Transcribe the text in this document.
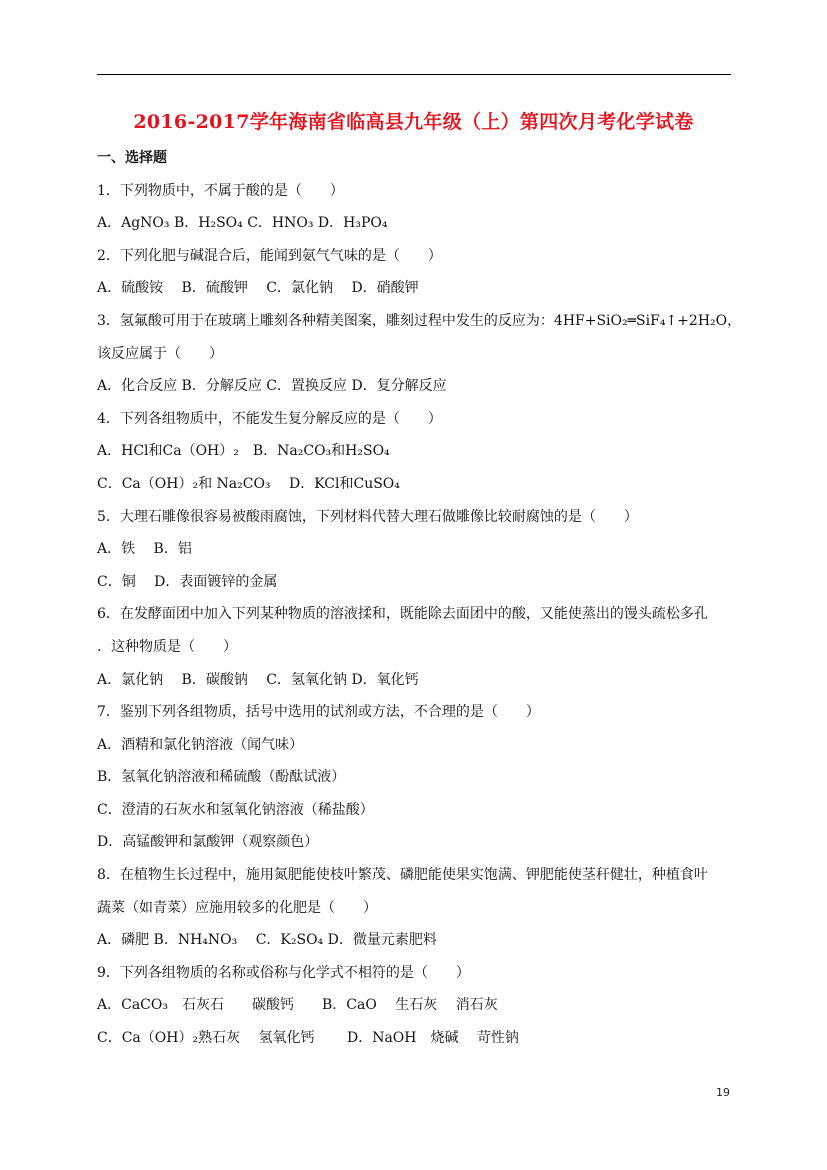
2016-2017学年海南省临高县九年级（上）第四次月考化学试卷
一、选择题
1．下列物质中，不属于酸的是（　　）
A．AgNO₃ B．H₂SO₄ C．HNO₃ D．H₃PO₄
2．下列化肥与碱混合后，能闻到氨气气味的是（　　）
A．硫酸铵　 B．硫酸钾　 C．氯化钠　 D．硝酸钾
3．氢氟酸可用于在玻璃上雕刻各种精美图案，雕刻过程中发生的反应为：4HF+SiO₂═SiF₄↑+2H₂O，
该反应属于（　　）
A．化合反应 B．分解反应 C．置换反应 D．复分解反应
4．下列各组物质中，不能发生复分解反应的是（　　）
A．HCl和Ca（OH）₂　B．Na₂CO₃和H₂SO₄
C．Ca（OH）₂和 Na₂CO₃　 D．KCl和CuSO₄
5．大理石雕像很容易被酸雨腐蚀，下列材料代替大理石做雕像比较耐腐蚀的是（　　）
A．铁　 B．铝
C．铜　 D．表面镀锌的金属
6．在发酵面团中加入下列某种物质的溶液揉和，既能除去面团中的酸，又能使蒸出的馒头疏松多孔
．这种物质是（　　）
A．氯化钠　 B．碳酸钠　 C．氢氧化钠 D．氧化钙
7．鉴别下列各组物质，括号中选用的试剂或方法，不合理的是（　　）
A．酒精和氯化钠溶液（闻气味）
B．氢氧化钠溶液和稀硫酸（酚酞试液）
C．澄清的石灰水和氢氧化钠溶液（稀盐酸）
D．高锰酸钾和氯酸钾（观察颜色）
8．在植物生长过程中，施用氮肥能使枝叶繁茂、磷肥能使果实饱满、钾肥能使茎秆健壮，种植食叶
蔬菜（如青菜）应施用较多的化肥是（　　）
A．磷肥 B．NH₄NO₃　 C．K₂SO₄ D．微量元素肥料
9．下列各组物质的名称或俗称与化学式不相符的是（　　）
A．CaCO₃　石灰石　　碳酸钙　　B．CaO　 生石灰　 消石灰
C．Ca（OH）₂熟石灰　 氢氧化钙　　 D．NaOH　烧碱　 苛性钠
19
